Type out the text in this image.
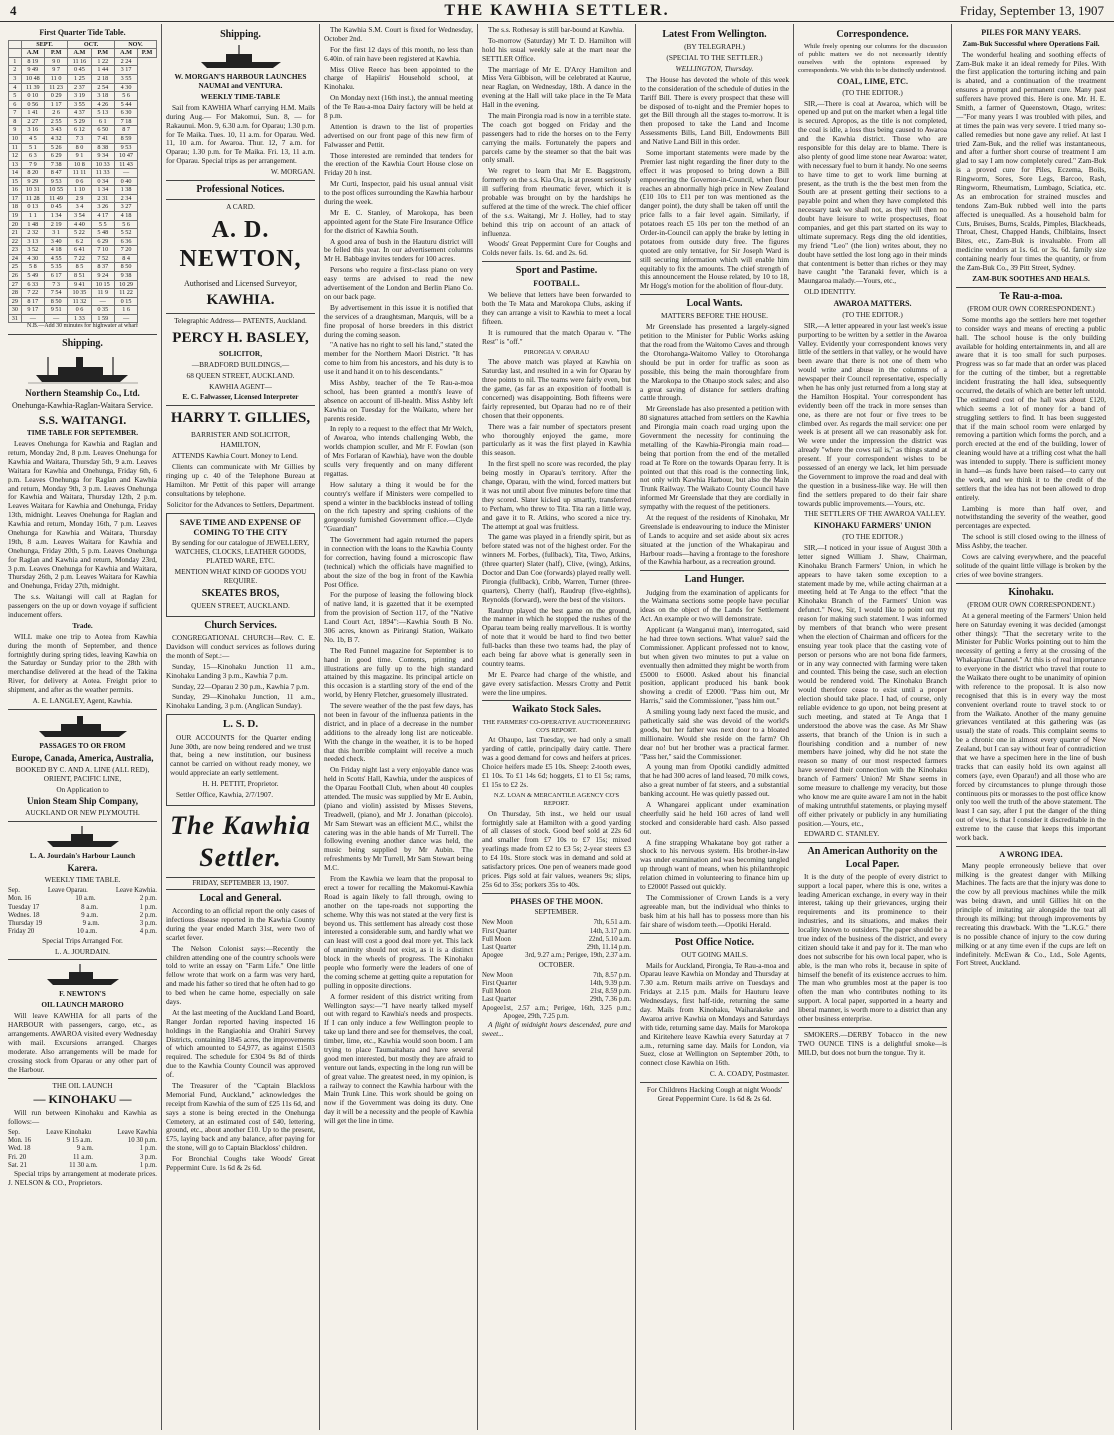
4	THE KAWHIA SETTLER.	Friday, September 13, 1907
First Quarter Tide Table.
	SEPT.		OCT.		NOV.	
	A.M	P.M	A.M	P.M	A.M	P.M
1	8 19	9 0	11 16	1 22	2 24	
2	9 49	9 7	0 45	1 44	3 17	
3	10 48	11 0	1 25	2 18	3 55	
4	11 39	11 23	2 37	2 54	4 30	
5	0 10	0 29	3 19	3 18	5 6	
6	0 56	1 17	3 55	4 26	5 44	
7	1 41	2 6	4 37	5 13	6 30	
8	2 27	2 55	5 29	6 1	7 18	
9	3 16	3 43	6 12	6 50	8 7	
10	4 5	4 32	7 3	7 41	8 59	
11	5 1	5 26	8 0	8 38	9 53	
12	6 3	6 29	9 1	9 34	10 47	
13	7 9	7 38	10 8	10 33	11 43	
14	8 20	8 47	11 11	11 33	—	
15	9 29	9 53	0 6	0 34	0 40	
16	10 31	10 55	1 10	1 34	1 38	
17	11 28	11 49	2 9	2 31	2 34	
18	0 13	0 45	3 4	3 26	3 27	
19	1 1	1 34	3 54	4 17	4 18	
20	1 48	2 19	4 40	5 5	5 6	
21	2 32	3 1	5 22	5 48	5 52	
22	3 13	3 40	6 2	6 29	6 36	
23	3 52	4 18	6 41	7 10	7 20	
24	4 30	4 55	7 22	7 52	8 4	
25	5 8	5 35	8 5	8 37	8 50	
26	5 49	6 17	8 51	9 24	9 38	
27	6 33	7 3	9 41	10 15	10 29	
28	7 22	7 54	10 35	11 9	11 22	
29	8 17	8 50	11 32	—	0 15	
30	9 17	9 51	0 6	0 35	1 6	
31	—	—	1 33	1 59	—	

N.B.—Add 30 minutes for highwater at wharf

Shipping.

Northern Steamship Co., Ltd.

Onehunga-Kawhia-Raglan-Waitara Service.

S.S. WAITANGI.

TIME TABLE FOR SEPTEMBER.

Leaves Onehunga for Kawhia and Raglan and return, Monday 2nd, 8 p.m. Leaves Onehunga for Kawhia and Waitara, Thursday 5th, 9 a.m. Leaves Waitara for Kawhia and Onehunga, Friday 6th, 6 p.m. Leaves Onehunga for Raglan and Kawhia and return, Monday 9th, 3 p.m. Leaves Onehunga for Kawhia and Waitara, Thursday 12th, 2 p.m. Leaves Waitara for Kawhia and Onehunga, Friday 13th, midnight. Leaves Onehunga for Raglan and Kawhia and return, Monday 16th, 7 p.m. Leaves Onehunga for Kawhia and Waitara, Thursday 19th, 8 a.m. Leaves Waitara for Kawhia and Onehunga, Friday 20th, 5 p.m. Leaves Onehunga for Raglan and Kawhia and return, Monday 23rd, 3 p.m. Leaves Onehunga for Kawhia and Waitara, Thursday 26th, 2 p.m. Leaves Waitara for Kawhia and Onehunga, Friday 27th, midnight.

The s.s. Waitangi will call at Raglan for passengers on the up or down voyage if sufficient inducement offers.

Trade.

WILL make one trip to Aotea from Kawhia during the month of September, and thence fortnightly during spring tides, leaving Kawhia on the Saturday or Sunday prior to the 28th with merchandise delivered at the head of the Takina River, for delivery at Aotea. Freight prior to shipment, and after as the weather permits.

A. E. LANGLEY, Agent, Kawhia.

PASSAGES TO OR FROM

Europe, Canada, America, Australia,

BOOKED BY C. AND A. LINE (ALL RED), ORIENT, PACIFIC LINE,

On Application to

Union Steam Ship Company,

AUCKLAND OR NEW PLYMOUTH.

L. A. Jourdain's Harbour Launch

Karera.

WEEKLY TIME TABLE.

Sep.	Leave Oparau.	Leave Kawhia.
Mon. 16	10 a.m.	2 p.m.
Tuesday 17	8 a.m.	1 p.m.
Wednes. 18	9 a.m.	2 p.m.
Thursday 19	9 a.m.	3 p.m.
Friday 20	10 a.m.	4 p.m.

Special Trips Arranged For.

L. A. JOURDAIN.

F. NEWTON'S

OIL LAUNCH MARORO

Will leave KAWHIA for all parts of the HARBOUR with passengers, cargo, etc., as arrangements. AWAROA visited every Wednesday with mail. Excursions arranged. Charges moderate. Also arrangements will be made for crossing stock from Oparau or any other part of the Harbour.

THE OIL LAUNCH

— KINOHAKU —

Will run between Kinohaku and Kawhia as follows:—

Sep.	Leave Kinohaku	Leave Kawhia
Mon. 16	9 15 a.m.	10 30 p.m.
Wed. 18	9 a.m.	1 p.m.
Fri. 20	11 a.m.	3 p.m.
Sat. 21	11 30 a.m.	1 p.m.

Special trips by arrangement at moderate prices. J. NELSON & CO., Proprietors.

Shipping.

W. MORGAN'S HARBOUR LAUNCHES NAUMAI and VENTURA.

WEEKLY TIME-TABLE

Sail from KAWHIA Wharf carrying H.M. Mails during Aug.— For Makomui, Sun. 8, — for Rakaunui. Mon. 9, 6.30 a.m. for Oparau; 1.30 p.m. for Te Maika. Tues. 10, 11 a.m. for Oparau. Wed. 11, 10 a.m. for Awaroa. Thur. 12, 7 a.m. for Oparau; 1.30 p.m. for Te Maika. Fri. 13, 11 a.m. for Oparau. Special trips as per arrangement.

W. MORGAN.

Professional Notices.

A CARD.

A. D. NEWTON,

Authorised and Licensed Surveyor,

KAWHIA.

Telegraphic Address— PATENTS, Auckland.

PERCY H. BASLEY,

SOLICITOR,

—BRADFORD BUILDINGS,—

68 QUEEN STREET, AUCKLAND.

KAWHIA AGENT—

E. C. Falwasser, Licensed Interpreter

HARRY T. GILLIES,

BARRISTER AND SOLICITOR,

HAMILTON,

ATTENDS Kawhia Court. Money to Lend.

Clients can communicate with Mr Gillies by ringing up c. 40 of the Telephone Bureau at Hamilton. Mr Pettit of this paper will arrange consultations by telephone.

Solicitor for the Advances to Settlers, Department.

SAVE TIME AND EXPENSE OF COMING TO THE CITY

By sending for our catalogue of JEWELLERY, WATCHES, CLOCKS, LEATHER GOODS, PLATED WARE, ETC.

MENTION WHAT KIND OF GOODS YOU REQUIRE.

SKEATES BROS,

QUEEN STREET, AUCKLAND.

Church Services.

CONGREGATIONAL CHURCH—Rev. C. E. Davidson will conduct services as follows during the month of Sept.:—

Sunday, 15—Kinohaku Junction 11 a.m., Kinohaku Landing 3 p.m., Kawhia 7 p.m.

Sunday, 22—Oparau 2 30 p.m., Kawhia 7 p.m.

Sunday, 29—Kinohaku Junction, 11 a.m., Kinohaku Landing, 3 p.m. (Anglican Sunday).

L. S. D.

OUR ACCOUNTS for the Quarter ending June 30th, are now being rendered and we trust that, being a new institution, our business cannot be carried on without ready money, we would appreciate an early settlement.

H. H. PETTIT, Proprietor.

Settler Office, Kawhia, 2/7/1907.

The Kawhia Settler.
FRIDAY, SEPTEMBER 13, 1907.
Local and General.

According to an official report the only cases of infectious disease reported in the Kawhia County during the year ended March 31st, were two of scarlet fever.

The Nelson Colonist says:—Recently the children attending one of the country schools were told to write an essay on "Farm Life." One little fellow wrote that work on a farm was very hard, and made his father so tired that he often had to go to bed when he came home, especially on sale days.

At the last meeting of the Auckland Land Board, Ranger Jordan reported having inspected 16 holdings in the Rangiaohia and Orahiri Survey Districts, containing 1845 acres, the improvements of which amounted to £4,977, as against £1503 required. The schedule for £304 9s 8d of thirds due to the Kawhia County Council was approved of.

The Treasurer of the "Captain Blackloss Memorial Fund, Auckland," acknowledges the receipt from Kawhia of the sum of £25 11s 6d, and says a stone is being erected in the Onehunga Cemetery, at an estimated cost of £40, lettering, ground, etc., about another £10. Up to the present, £75, laying back and any balance, after paying for the stone, will go to Captain Blackloss' children.

For Bronchial Coughs take Woods' Great Peppermint Cure. 1s 6d & 2s 6d.

The Kawhia S.M. Court is fixed for Wednesday, October 2nd.

For the first 12 days of this month, no less than 6.40in. of rain have been registered at Kawhia.

Miss Olive Reece has been appointed to the charge of Hapiiris' Household school, at Kinohaku.

On Monday next (16th inst.), the annual meeting of the Te Rau-a-moa Dairy factory will be held at 8 p.m.

Attention is drawn to the list of properties advertised on our front page of this new firm of Falwasser and Pettit.

Those interested are reminded that tenders for the erection of the Kawhia Court House close on Friday 20 h inst.

Mr Curti, Inspector, paid his usual annual visit to the post offices surrounding the Kawhia harbour during the week.

Mr E. C. Stanley, of Marokopa, has been appointed agent for the State Fire Insurance Office for the district of Kawhia South.

A good area of bush in the Hauturu district will be felled this year. In our advertisement columns Mr H. Babbage invites tenders for 100 acres.

Persons who require a first-class piano on very easy terms are advised to read the new advertisement of the London and Berlin Piano Co. on our back page.

By advertisement in this issue it is notified that the services of a draughtsman, Marquis, will be a fine proposal of horse breeders in this district during the coming season.

"A native has no right to sell his land," stated the member for the Northern Maori District. "It has come to him from his ancestors, and his duty is to use it and hand it on to his descendants."

Miss Ashby, teacher of the Te Rau-a-moa school, has been granted a month's leave of absence on account of ill-health. Miss Ashby left Kawhia on Tuesday for the Waikato, where her parents reside.

In reply to a request to the effect that Mr Welch, of Awaroa, who intends challenging Webb, the worlds champion sculler, and Mr F. Fowlan (son of Mrs Forlaran of Kawhia), have won the double sculls very frequently and on many different regattas.

How salutary a thing it would be for the country's welfare if Ministers were compelled to spend a winter in the backblocks instead of tolling on the rich tapestry and spring cushions of the gorgeously furnished Government office.—Clyde "Guardian"

The Government had again returned the papers in connection with the loans to the Kawhia County for correction, having found a microscopic flaw (technical) which the officials have magnified to about the size of the bog in front of the Kawhia Post Office.

For the purpose of leasing the following block of native land, it is gazetted that it be exempted from the provision of Section 117, of the "Native Land Court Act, 1894":—Kawhia South B No. 306 acres, known as Pirirangi Station, Waikato No. 1b, B 7.

The Red Funnel magazine for September is to hand in good time. Contents, printing and illustrations are fully up to the high standard attained by this magazine. Its principal article on this occasion is a startling story of the end of the world, by Henry Fletcher, gruesomely illustrated.

The severe weather of the the past few days, has not been in favour of the influenza patients in the district, and in place of a decrease in the number additions to the already long list are noticeable. With the change in the weather, it is to be hoped that this horrible complaint will receive a much needed check.

On Friday night last a very enjoyable dance was held in Scotts' Hall, Kawhia, under the auspices of the Oparau Football Club, when about 40 couples attended. The music was supplied by Mr E. Aubin, (piano and violin) assisted by Misses Stevens, Treadwell, (piano), and Mr J. Jonathan (piccolo). Mr Sam Stewart was an efficient M.C., whilst the catering was in the able hands of Mr Turrell. The following evening another dance was held, the music being supplied by Mr Aubin. The refreshments by Mr Turrell, Mr Sam Stewart being M.C.

From the Kawhia we learn that the proposal to erect a tower for recalling the Makomui-Kawhia Road is again likely to fall through, owing to another on the tape-roads not supporting the scheme. Why this was not stated at the very first is beyond us. This settlement has already cost those interested a considerable sum, and hardly what we can least will cost a good deal more yet. This lack of unanimity should not exist, as it is a distinct block in the wheels of progress. The Kinohaku people who formerly were the leaders of one of the coming scheme at getting quite a reputation for pulling in opposite directions.

A former resident of this district writing from Wellington says:—"I have nearly talked myself out with regard to Kawhia's needs and prospects. If I can only induce a few Wellington people to take up land there and see for themselves, the coal, timber, lime, etc., Kawhia would soon boom. I am trying to place Taumaitahara and have several good men interested, but mostly they are afraid to venture out lands, expecting in the long run will be of great value. The greatest need, in my opinion, is a railway to connect the Kawhia harbour with the Main Trunk Line. This work should be going on now if the Government was doing its duty. One day it will be a necessity and the people of Kawhia will get the line in time.

The s.s. Rothesay is still bar-bound at Kawhia.

To-morrow (Saturday) Mr T. D. Hamilton will hold his usual weekly sale at the mart near the SETTLER Office.

The marriage of Mr E. D'Arcy Hamilton and Miss Vera Gibbison, will be celebrated at Kaurue, near Raglan, on Wednesday, 18th. A dance in the evening at the Hall will take place in the Te Mata Hall in the evening.

The main Pirongia road is now in a terrible state. The coach got bogged on Friday and the passengers had to ride the horses on to the Ferry carrying the mails. Fortunately the papers and parcels came by the steamer so that the bait was only small.

We regret to learn that Mr E. Baggstrom, formerly on the s.s. Kia Ora, is at present seriously ill suffering from rheumatic fever, which it is probable was brought on by the hardships he suffered at the time of the wreck. The chief officer of the s.s. Waitangi, Mr J. Holley, had to stay behind this trip on account of an attack of influenza.

Woods' Great Peppermint Cure for Coughs and Colds never fails. 1s. 6d. and 2s. 6d.

Sport and Pastime.
FOOTBALL.

We believe that letters have been forwarded to both the Te Mata and Marokopa Clubs, asking if they can arrange a visit to Kawhia to meet a local fifteen.

It is rumoured that the match Oparau v. "The Rest" is "off."

PIRONGIA V. OPARAU

The above match was played at Kawhia on Saturday last, and resulted in a win for Oparau by three points to nil. The teams were fairly even, but the game, (as far as an exposition of football is concerned) was disappointing. Both fifteens were fairly represented, but Oparau had no re of their chosen that their opponents.

There was a fair number of spectators present who thoroughly enjoyed the game, more particularly as it was the first played in Kawhia this season.

In the first spell no score was recorded, the play being mostly in Oparau's territory. After the change, Oparau, with the wind, forced matters but it was not until about five minutes before time that they scored. Slater kicked up smartly, transferred to Perham, who threw to Tita. Tita ran a little way, and gave it to R. Atkins, who scored a nice try. The attempt at goal was fruitless.

The game was played in a friendly spirit, but as before stated was not of the highest order. For the winners M. Forbes, (fullback), Tita, Tiwo, Atkins, (three quarter) Slater (half), Clive, (wing), Atkins, Doctor and Dan Coe (forwards) played really well. Pirongia (fullback), Cribb, Warren, Turner (three-quarters), Cherry (half), Raudrup (five-eighths), Reynolds (forward), were the best of the visitors.

Raudrup played the best game on the ground, the manner in which he stopped the rushes of the Oparau team being really marvellous. It is worthy of note that it would be hard to find two better full-backs than these two teams had, the play of each being far above what is generally seen in country teams.

Mr E. Pearce had charge of the whistle, and gave every satisfaction. Messrs Crotty and Pettit were the line umpires.

Waikato Stock Sales.

THE FARMERS' CO-OPERATIVE AUCTIONEERING CO'S REPORT.

At Ohaupo, last Tuesday, we had only a small yarding of cattle, principally dairy cattle. There was a good demand for cows and heifers at prices. Choice heifers made £5 10s. Sheep: 2-tooth ewes, £1 10s. To £1 14s 6d; hoggets, £1 to £1 5s; rams, £1 15s to £2 2s.

N.Z. LOAN & MERCANTILE AGENCY CO'S REPORT.

On Thursday, 5th inst., we held our usual fortnightly sale at Hamilton with a good yarding of all classes of stock. Good beef sold at 22s 6d and smaller from £7 10s to £7 15s; mixed yearlings made from £2 to £3 5s; 2-year steers £3 to £4 10s. Store stock was in demand and sold at satisfactory prices. One pen of weaners made good prices. Pigs sold at fair values, weaners 9s; slips, 25s 6d to 35s; porkers 35s to 40s.

PHASES OF THE MOON.

SEPTEMBER.

New Moon	7th, 6.51 a.m.
First Quarter	14th, 3.17 p.m.
Full Moon	22nd, 5.10 a.m.
Last Quarter	29th, 11.14 p.m.
Apogee	3rd, 9.27 a.m.; Perigee, 19th, 2.37 a.m.

OCTOBER.

New Moon	7th, 8.57 p.m.
First Quarter	14th, 9.39 p.m.
Full Moon	21st, 8.59 p.m.
Last Quarter	29th, 7.36 p.m.
Apogee 1st, 2.57 a.m.; Perigee, 16th, 3.25 p.m.; Apogee, 29th, 7.25 p.m.

A flight of midnight hours descended, pure and sweet...

Latest From Wellington.

(BY TELEGRAPH.)

(SPECIAL TO THE SETTLER.)

WELLINGTON, Thursday.

The House has devoted the whole of this week to the consideration of the schedule of duties in the Tariff Bill. There is every prospect that these will be disposed of to-night and the Premier hopes to get the Bill through all the stages to-morrow. It is then proposed to take the Land and Income Assessments Bills, Land Bill, Endowments Bill and Native Land Bill in this order.

Some important statements were made by the Premier last night regarding the finer duty to the effect it was proposed to bring down a Bill empowering the Governor-in-Council, when flour reaches an abnormally high price in New Zealand (£10 10s to £11 per ton was mentioned as the danger point), the duty shall be taken off until the price falls to a fair level again. Similarly, if potatoes reach £5 10s per ton the method of an Order-in-Council can apply the brake by letting in potatoes from outside duty free. The figures quoted are only tentative, for Sir Joseph Ward is still securing information which will enable him equitably to fix the amounts. The chief strength of this announcement the House related, by 10 to 18, Mr Hogg's motion for the abolition of flour-duty.

Local Wants.

MATTERS BEFORE THE HOUSE.

Mr Greenslade has presented a largely-signed petition to the Minister for Public Works asking that the road from the Waitomo Caves and through the Otorohanga-Waitomo Valley to Otorohanga should be put in order for traffic as soon as possible, this being the main thoroughfare from the Marokopa to the Ohaupo stock sales; and also a great saving of distance for settlers drafting cattle through.

Mr Greenslade has also presented a petition with 80 signatures attached from settlers on the Kawhia and Pirongia main coach road urging upon the Government the necessity for continuing the metalling of the Kawhia-Pirongia main road—being that portion from the end of the metalled road at Te Rore on the towards Oparau ferry. It is pointed out that this road is the connecting link, not only with Kawhia Harbour, but also the Main Trunk Railway. The Waikato County Council have informed Mr Greenslade that they are cordially in sympathy with the request of the petitioners.

At the request of the residents of Kinohaku, Mr Greenslade is endeavouring to induce the Minister of Lands to acquire and set aside about six acres situated at the junction of the Whakapirau and Harbour roads—having a frontage to the foreshore of the Kawhia harbour, as a recreation ground.

Land Hunger.

Judging from the examination of applicants for the Waimana sections some people have peculiar ideas on the object of the Lands for Settlement Act. An example or two will demonstrate.

Applicant (a Wanganui man), interrogated, said he had three town sections. What value? said the Commissioner. Applicant professed not to know, but when given two minutes to put a value on eventually then admitted they might be worth from £5000 to £6000. Asked about his financial position, applicant produced his bank book showing a credit of £2000. "Pass him out, Mr Harris," said the Commissioner, "pass him out."

A smiling young lady next faced the music, and pathetically said she was devoid of the world's goods, but her father was next door to a bloated millionaire. Would she reside on the farm? Oh dear no! but her brother was a practical farmer. "Pass her," said the Commissioner.

A young man from Opotiki candidly admitted that he had 300 acres of land leased, 70 milk cows, also a great number of fat steers, and a substantial banking account. He was quietly passed out.

A Whangarei applicant under examination cheerfully said he held 160 acres of land well stocked and considerable hard cash. Also passed out.

A fine strapping Whakatane boy got rather a shock to his nervous system. His brother-in-law was under examination and was becoming tangled up through want of means, when his philanthropic relation chimed in volunteering to finance him up to £2000! Passed out quickly.

The Commissioner of Crown Lands is a very agreeable man, but the individual who thinks to bask him at his hall has to possess more than his fair share of wisdom teeth.—Opotiki Herald.

Post Office Notice.

OUT GOING MAILS.

Mails for Auckland, Pirongia, Te Rau-a-moa and Oparau leave Kawhia on Monday and Thursday at 7.30 a.m. Return mails arrive on Tuesdays and Fridays at 2.15 p.m. Mails for Hauturu leave Wednesdays, first half-tide, returning the same day. Mails from Kinohaku, Waiharakeke and Awaroa arrive Kawhia on Mondays and Saturdays with tide, returning same day. Mails for Marokopa and Kiritehere leave Kawhia every Saturday at 7 a.m., returning same day. Mails for London, via Suez, close at Wellington on September 20th, to connect close Kawhia on 16th.

C. A. COADY, Postmaster.

For Childrens Hacking Cough at night Woods' Great Peppermint Cure. 1s 6d & 2s 6d.

Correspondence.

While freely opening our columns for the discussion of public matters we do not necessarily identify ourselves with the opinions expressed by correspondents. We wish this to be distinctly understood.

COAL, LIME, ETC.

(TO THE EDITOR.)

SIR,—There is coal at Awaroa, which will be opened up and put on the market when a legal title is secured. Apropos, as the title is not completed, the coal is idle, a loss thus being caused to Awaroa and the Kawhia district. Those who are responsible for this delay are to blame. There is also plenty of good lime stone near Awaroa: water, with necessary fuel to burn it handy. No one seems to have time to get to work lime burning at present, as the truth is the the best men from the South are at present getting their sections to a payable point and when they have completed this necessary task we shall not, as they will then no doubt have leisure to write prospectuses, float companies, and get this part started on its way to ultimate supremacy. Regs ding the old identities, my friend "Leo" (the lion) writes about, they no doubt have settled the lost long ago in their minds that contentment is better than riches or they may have caught "the Taranaki fever, which is a Maungaroa malady.—Yours, etc.,

OLD IDENTITY.

AWAROA MATTERS.

(TO THE EDITOR.)

SIR,—A letter appeared in your last week's issue purporting to be written by a settler in the Awaroa Valley. Evidently your correspondent knows very little of the settlers in that valley, or he would have been aware that there is not one of them who would write and abuse in the columns of a newspaper their Council representative, especially when he has only just returned from a long stay at the Hamilton Hospital. Your correspondent has evidently been off the track in more senses than one, as there are not four or five trees to be climbed over. As regards the mail service: one per week is at present all we can reasonably ask for. We were under the impression the district was already "where the cows tail is," as things stand at present. If your correspondent wishes to be possessed of an energy we lack, let him persuade the Government to improve the road and deal with the question in a business-like way. He will then find the settlers prepared to do their fair share towards public improvements.—Yours, etc.

THE SETTLERS OF THE AWAROA VALLEY.

KINOHAKU FARMERS' UNION

(TO THE EDITOR.)

SIR,—I noticed in your issue of August 30th a letter signed William J. Shaw, Chairman, Kinohaku Branch Farmers' Union, in which he appears to have taken some exception to a statement made by me, while acting chairman at a meeting held at Te Anga to the effect "that the Kinohaku Branch of the Farmers' Union was defunct." Now, Sir, I would like to point out my reason for making such statement. I was informed by members of that branch who were present when the election of Chairman and officers for the ensuing year took place that the casting vote of person or persons who are not bona fide farmers, or in any way connected with farming were taken and counted. This being the case, such an election would be rendered void. The Kinohaku Branch would therefore cease to exist until a proper election should take place. I had, of course, only reliable evidence to go upon, not being present at such meeting, and stated at Te Anga that I understood the above was the case. As Mr Shaw asserts, that branch of the Union is in such a flourishing condition and a number of new members have joined, why did he not state the reason so many of our most respected farmers have severed their connection with the Kinohaku branch of Farmers' Union? Mr Shaw seems in some measure to challenge my veracity, but those who know me are quite aware I am not in the habit of making untruthful statements, or playing myself off either privately or publicly in any humiliating position.—Yours, etc.,

EDWARD C. STANLEY.

An American Authority on the Local Paper.

It is the duty of the people of every district to support a local paper, where this is one, writes a leading American exchange, in every way in their interest, taking up their grievances, urging their requirements and its prominence to their industries, and its situations, and makes their locality known to outsiders. The paper should be a true index of the business of the district, and every citizen should take it and pay for it. The man who does not subscribe for his own local paper, who is able, is the man who robs it, because in spite of himself the benefit of its existence accrues to him. The man who grumbles most at the paper is too often the man who contributes nothing to its support. A local paper, supported in a hearty and liberal manner, is worth more to a district than any other business enterprise.

SMOKERS.—DERBY Tobacco in the new TWO OUNCE TINS is a delightful smoke—is MILD, but does not burn the tongue. Try it.

PILES FOR MANY YEARS.

Zam-Buk Successful where Operations Fail.

The wonderful healing and soothing effects of Zam-Buk make it an ideal remedy for Piles. With the first application the torturing itching and pain is abated, and a continuation of the treatment ensures a prompt and permanent cure. Many past sufferers have proved this. Here is one. Mr. H. E. Smith, a farmer of Queenstown, Otago, writes:—"For many years I was troubled with piles, and at times the pain was very severe. I tried many so-called remedies but none gave any relief. At last I tried Zam-Buk, and the relief was instantaneous, and after a further short course of treatment I am glad to say I am now completely cured." Zam-Buk is a proved cure for Piles, Eczema, Boils, Ringworm, Sores, Sore Legs, Barcoo, Rash, Ringworm, Rheumatism, Lumbago, Sciatica, etc. As an embrocation for strained muscles and tendons Zam-Buk rubbed well into the parts affected is unequalled. As a household balm for Cuts, Bruises, Burns, Scalds, Pimples, Blackheads, Throat, Chest, Chapped Hands, Chilblains, Insect Bites, etc., Zam-Buk is invaluable. From all medicine vendors at 1s. 6d. or 3s. 6d. family size containing nearly four times the quantity, or from the Zam-Buk Co., 39 Pitt Street, Sydney.

ZAM-BUK SOOTHES AND HEALS.

Te Rau-a-moa.

(FROM OUR OWN CORRESPONDENT.)

Some months ago the settlers here met together to consider ways and means of erecting a public hall. The school house is the only building available for holding entertainments in, and all are aware that it is too small for such purposes. Progress was so far made that an order was placed for the cutting of the timber, but a regrettable incident frustrating the hall idea, subsequently occurred, the details of which are better left untold. The estimated cost of the hall was about £120, which seems a lot of money for a band of struggling settlers to find. It has been suggested that if the main school room were enlarged by removing a partition which forms the porch, and a porch erected at the end of the building, lower of cleaning would have at a trifling cost what the hall was intended to supply. There is sufficient money in hand—as funds have been raised—to carry out the work, and we think it to the credit of the settlers that the idea has not been allowed to drop entirely.

Lambing is more than half over, and notwithstanding the severity of the weather, good percentages are expected.

The school is still closed owing to the illness of Miss Ashby, the teacher.

Cows are calving everywhere, and the peaceful solitude of the quaint little village is broken by the cries of wee bovine strangers.

Kinohaku.

(FROM OUR OWN CORRESPONDENT.)

At a general meeting of the Farmers' Union held here on Saturday evening it was decided (amongst other things): "That the secretary write to the Minister for Public Works pointing out to him the necessity of getting a ferry at the crossing of the Whakapirau Channel." At this is of real importance to everyone in the district who travel that route to the Waikato there ought to be unanimity of opinion with reference to the proposal. It is also now recognised that this is in every way the most convenient overland route to travel stock to or from the Waikato. Another of the many genuine grievances ventilated at this gathering was (as usual) the state of roads. This complaint seems to be a chronic one in almost every quarter of New Zealand, but I can say without fear of contradiction that we have a specimen here in the line of bush tracks that can easily hold its own against all comers (aye, even Oparau!) and all those who are forced by circumstances to plunge through those continuous pits or morasses to the post office know only too well the truth of the above statement. The least I can say, after I put the danger of the thing out of view, is that I consider it discreditable in the extreme to the cause that keeps this important work back.

A WRONG IDEA.

Many people erroneously believe that over milking is the greatest danger with Milking Machines. The facts are that the injury was done to the cow by all previous machines while the milk was being drawn, and until Gillies hit on the principle of imitating air alongside the teat all through its milking; but through improvements by recreating this drawback. With the "L.K.G." there is no possible chance of injury to the cow during milking or at any time even if the cups are left on indefinitely. McEwan & Co., Ltd., Sole Agents, Fort Street, Auckland.
